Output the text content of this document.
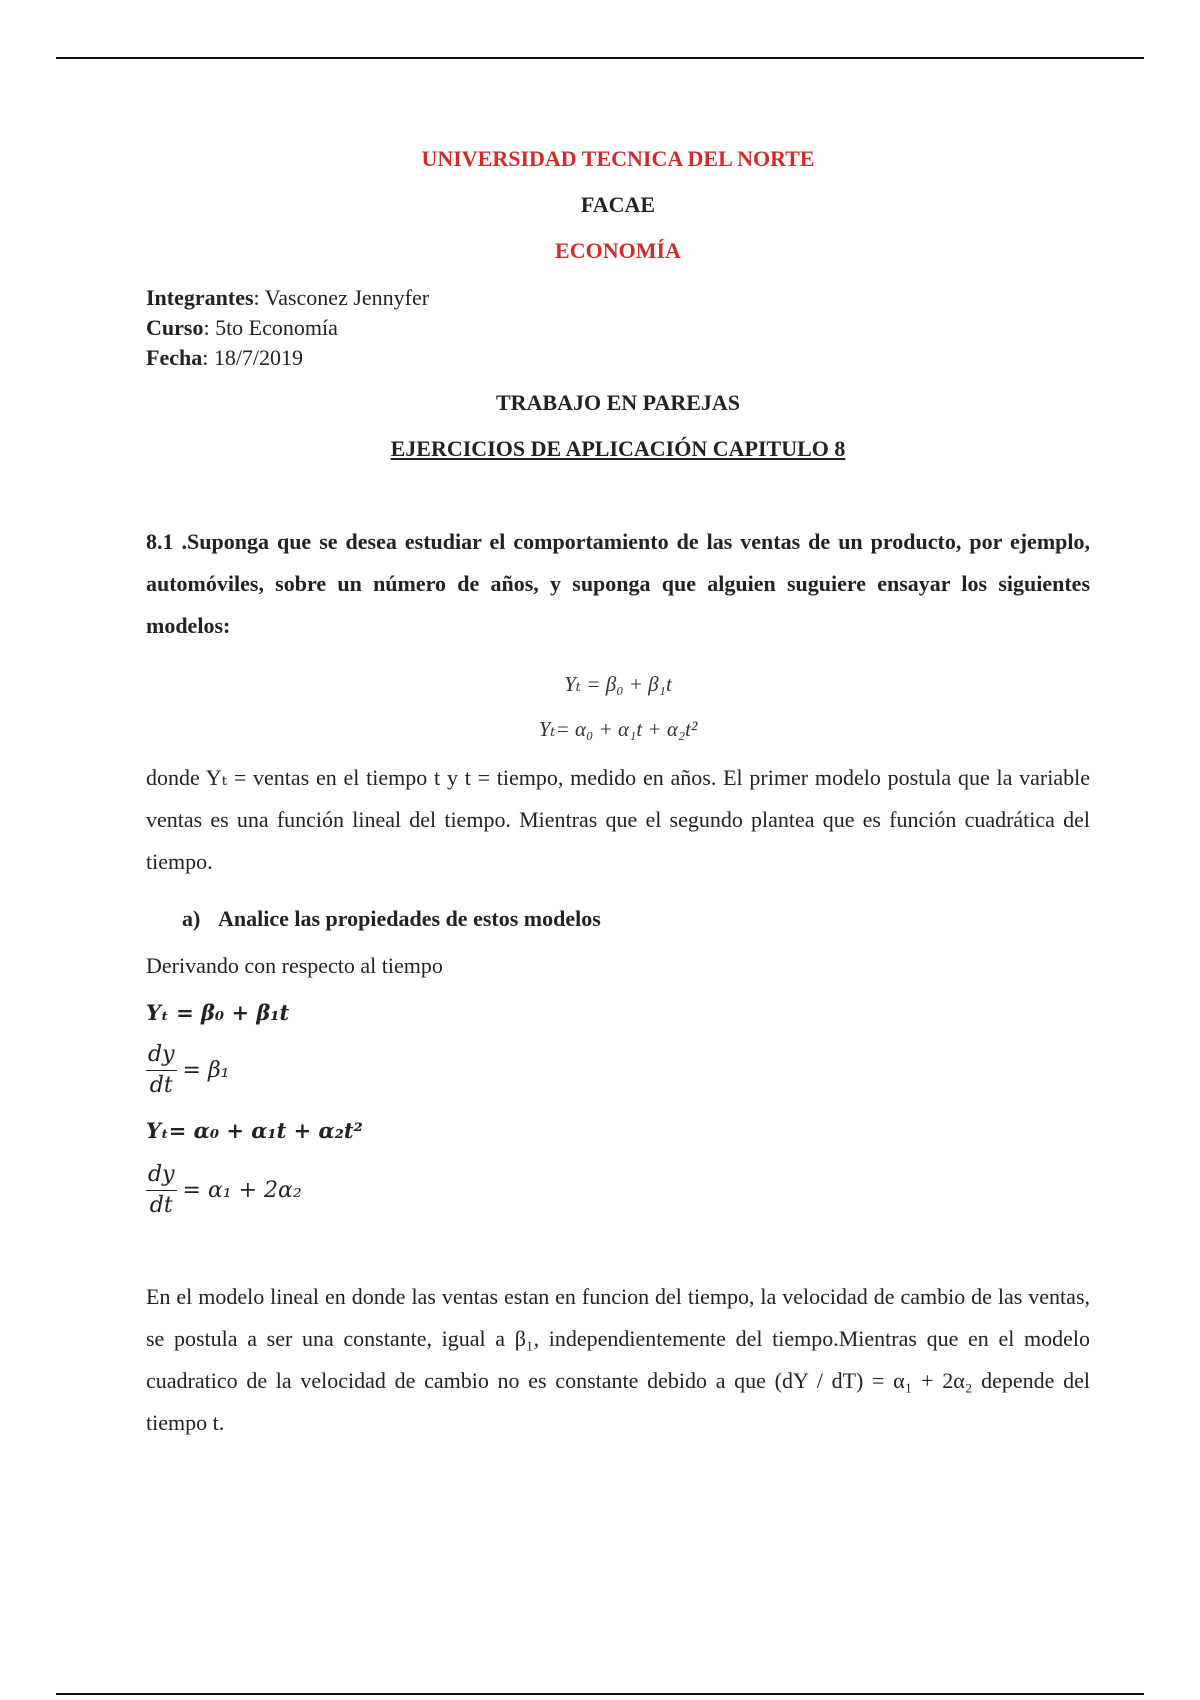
UNIVERSIDAD TECNICA DEL NORTE
FACAE
ECONOMÍA
Integrantes: Vasconez Jennyfer
Curso: 5to Economía
Fecha: 18/7/2019
TRABAJO EN PAREJAS
EJERCICIOS DE APLICACIÓN CAPITULO 8
8.1 .Suponga que se desea estudiar el comportamiento de las ventas de un producto, por ejemplo, automóviles, sobre un número de años, y suponga que alguien suguiere ensayar los siguientes modelos:
Yₜ = β₀ + β₁t
Yₜ= α₀ + α₁t + α₂t²
donde Yₜ = ventas en el tiempo t y t = tiempo, medido en años. El primer modelo postula que la variable ventas es una función lineal del tiempo. Mientras que el segundo plantea que es función cuadrática del tiempo.
a) Analice las propiedades de estos modelos
Derivando con respecto al tiempo
Yₜ = β₀ + β₁t
$\frac{dy}{dt} = \beta_1$
Yₜ= α₀ + α₁t + α₂t²
$\frac{dy}{dt} = \alpha_1 + 2\alpha_2$
En el modelo lineal en donde las ventas estan en funcion del tiempo, la velocidad de cambio de las ventas, se postula a ser una constante, igual a β₁, independientemente del tiempo.Mientras que en el modelo cuadratico de la velocidad de cambio no es constante debido a que (dY / dT) = α₁ + 2α₂ depende del tiempo t.
